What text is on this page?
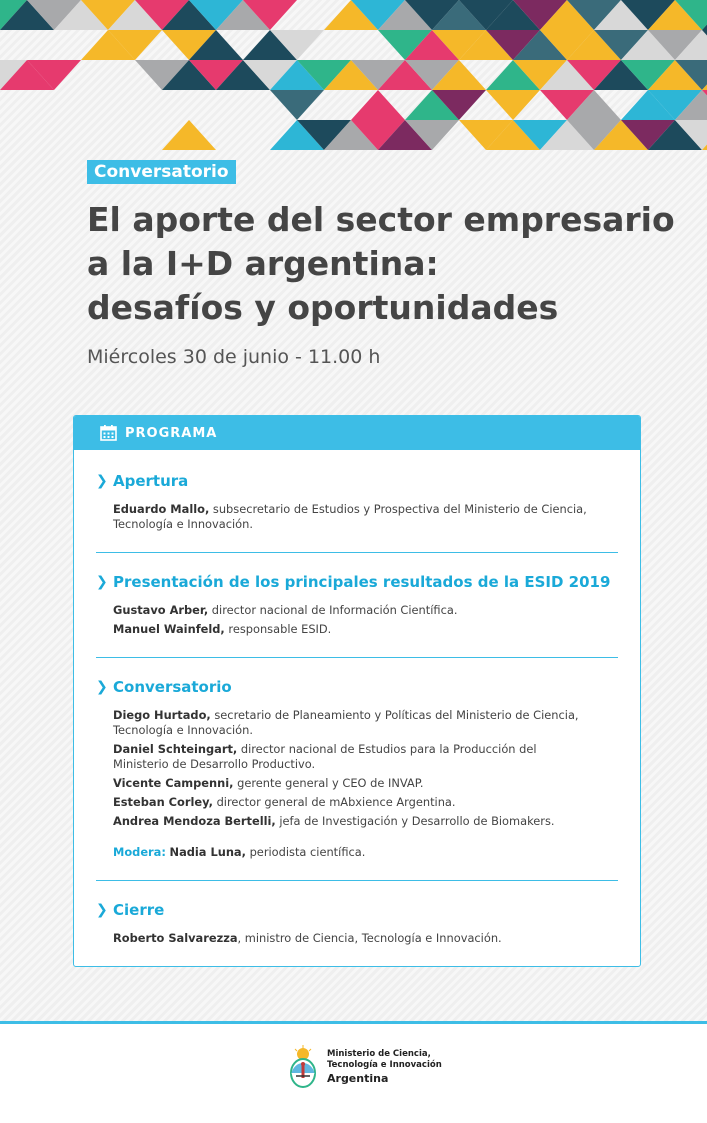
Conversatorio
El aporte del sector empresario
a la I+D argentina:
desafíos y oportunidades
Miércoles 30 de junio - 11.00 h
PROGRAMA
❯ Apertura
Eduardo Mallo, subsecretario de Estudios y Prospectiva del Ministerio de Ciencia, Tecnología e Innovación.
❯ Presentación de los principales resultados de la ESID 2019
Gustavo Arber, director nacional de Información Científica.
Manuel Wainfeld, responsable ESID.
❯ Conversatorio
Diego Hurtado, secretario de Planeamiento y Políticas del Ministerio de Ciencia, Tecnología e Innovación.
Daniel Schteingart, director nacional de Estudios para la Producción del Ministerio de Desarrollo Productivo.
Vicente Campenni, gerente general y CEO de INVAP.
Esteban Corley, director general de mAbxience Argentina.
Andrea Mendoza Bertelli, jefa de Investigación y Desarrollo de Biomakers.
Modera: Nadia Luna, periodista científica.
❯ Cierre
Roberto Salvarezza, ministro de Ciencia, Tecnología e Innovación.
Ministerio de Ciencia,
Tecnología e Innovación
Argentina
